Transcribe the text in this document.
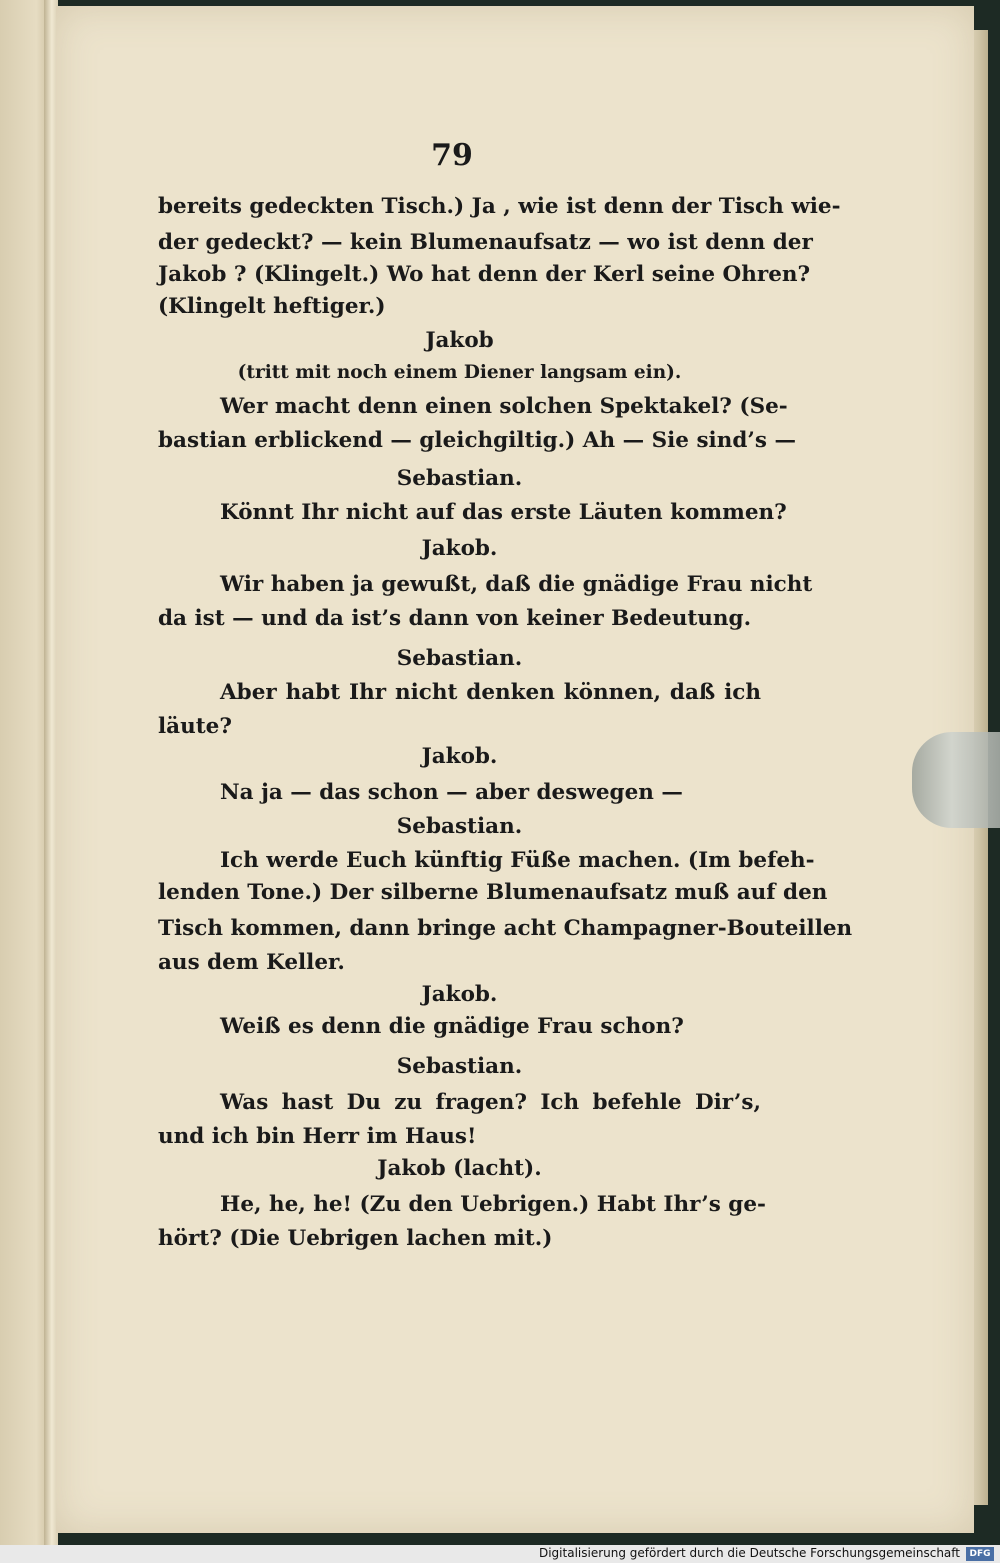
79
bereits gedeckten Tisch.) Ja , wie ist denn der Tisch wie-
der gedeckt? — kein Blumenaufsatz — wo ist denn der
Jakob ? (Klingelt.) Wo hat denn der Kerl seine Ohren?
(Klingelt heftiger.)
Jakob
(tritt mit noch einem Diener langsam ein).
Wer macht denn einen solchen Spektakel? (Se-
bastian erblickend — gleichgiltig.) Ah — Sie sind’s —
Sebastian.
Könnt Ihr nicht auf das erste Läuten kommen?
Jakob.
Wir haben ja gewußt, daß die gnädige Frau nicht
da ist — und da ist’s dann von keiner Bedeutung.
Sebastian.
Aber habt Ihr nicht denken können, daß ich
läute?
Jakob.
Na ja — das schon — aber deswegen —
Sebastian.
Ich werde Euch künftig Füße machen. (Im befeh-
lenden Tone.) Der silberne Blumenaufsatz muß auf den
Tisch kommen, dann bringe acht Champagner-Bouteillen
aus dem Keller.
Jakob.
Weiß es denn die gnädige Frau schon?
Sebastian.
Was hast Du zu fragen? Ich befehle Dir’s,
und ich bin Herr im Haus!
Jakob (lacht).
He, he, he! (Zu den Uebrigen.) Habt Ihr’s ge-
hört? (Die Uebrigen lachen mit.)
Digitalisierung gefördert durch die Deutsche Forschungsgemeinschaft	DFG
